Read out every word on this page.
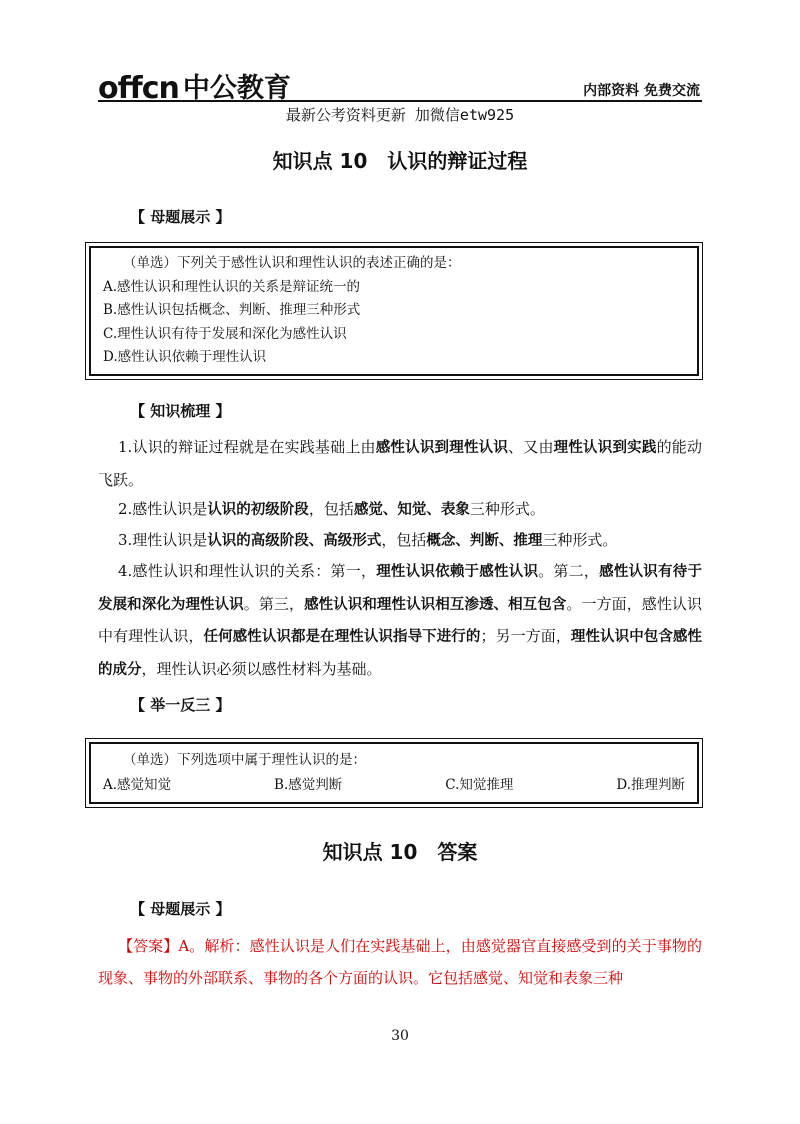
offcn 中公教育	内部资料 免费交流
最新公考资料更新 加微信etw925
知识点 10　认识的辩证过程
【 母题展示 】
（单选）下列关于感性认识和理性认识的表述正确的是：
A.感性认识和理性认识的关系是辩证统一的
B.感性认识包括概念、判断、推理三种形式
C.理性认识有待于发展和深化为感性认识
D.感性认识依赖于理性认识
【 知识梳理 】
1.认识的辩证过程就是在实践基础上由感性认识到理性认识、又由理性认识到实践的能动飞跃。
2.感性认识是认识的初级阶段，包括感觉、知觉、表象三种形式。
3.理性认识是认识的高级阶段、高级形式，包括概念、判断、推理三种形式。
4.感性认识和理性认识的关系：第一，理性认识依赖于感性认识。第二，感性认识有待于发展和深化为理性认识。第三，感性认识和理性认识相互渗透、相互包含。一方面，感性认识中有理性认识，任何感性认识都是在理性认识指导下进行的；另一方面，理性认识中包含感性的成分，理性认识必须以感性材料为基础。
【 举一反三 】
（单选）下列选项中属于理性认识的是：
A.感觉知觉	B.感觉判断	C.知觉推理	D.推理判断
知识点 10　答案
【 母题展示 】
【答案】A。解析：感性认识是人们在实践基础上，由感觉器官直接感受到的关于事物的现象、事物的外部联系、事物的各个方面的认识。它包括感觉、知觉和表象三种
30
